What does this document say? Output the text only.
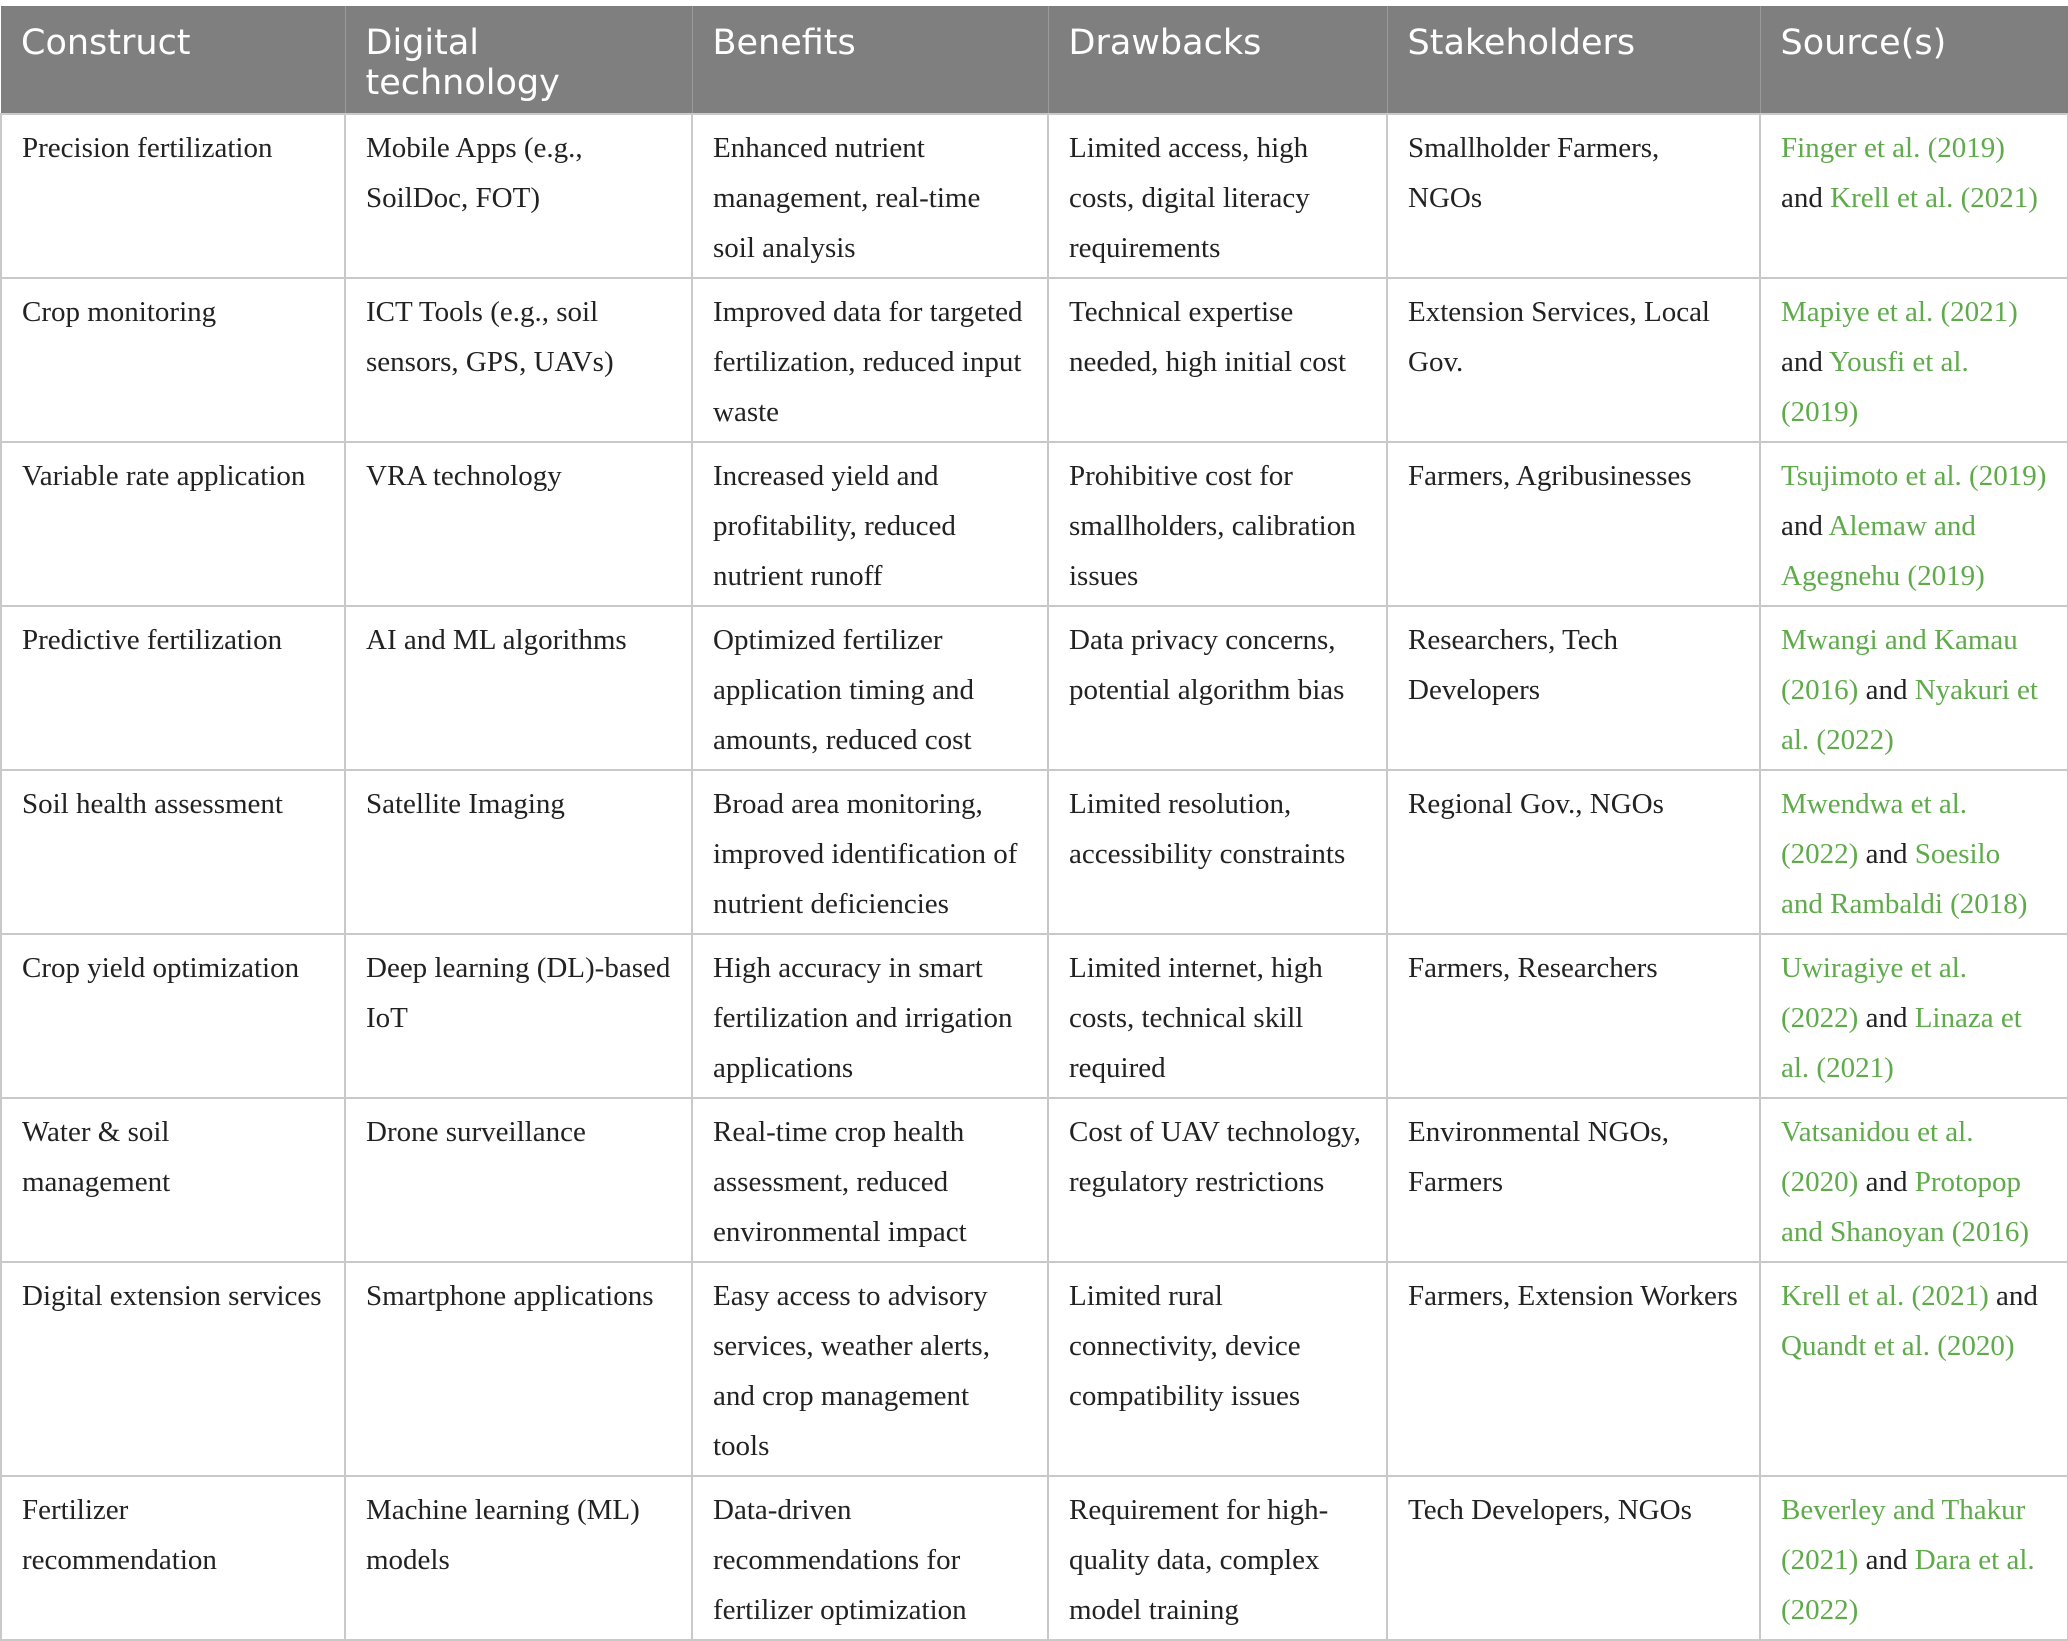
Construct	Digital technology	Benefits	Drawbacks	Stakeholders	Source(s)
Precision fertilization	Mobile Apps (e.g., SoilDoc, FOT)	Enhanced nutrient management, real-time soil analysis	Limited access, high costs, digital literacy requirements	Smallholder Farmers, NGOs	Finger et al. (2019) and Krell et al. (2021)
Crop monitoring	ICT Tools (e.g., soil sensors, GPS, UAVs)	Improved data for targeted fertilization, reduced input waste	Technical expertise needed, high initial cost	Extension Services, Local Gov.	Mapiye et al. (2021) and Yousfi et al. (2019)
Variable rate application	VRA technology	Increased yield and profitability, reduced nutrient runoff	Prohibitive cost for smallholders, calibration issues	Farmers, Agribusinesses	Tsujimoto et al. (2019) and Alemaw and Agegnehu (2019)
Predictive fertilization	AI and ML algorithms	Optimized fertilizer application timing and amounts, reduced cost	Data privacy concerns, potential algorithm bias	Researchers, Tech Developers	Mwangi and Kamau (2016) and Nyakuri et al. (2022)
Soil health assessment	Satellite Imaging	Broad area monitoring, improved identification of nutrient deficiencies	Limited resolution, accessibility constraints	Regional Gov., NGOs	Mwendwa et al. (2022) and Soesilo and Rambaldi (2018)
Crop yield optimization	Deep learning (DL)-based IoT	High accuracy in smart fertilization and irrigation applications	Limited internet, high costs, technical skill required	Farmers, Researchers	Uwiragiye et al. (2022) and Linaza et al. (2021)
Water & soil management	Drone surveillance	Real-time crop health assessment, reduced environmental impact	Cost of UAV technology, regulatory restrictions	Environmental NGOs, Farmers	Vatsanidou et al. (2020) and Protopop and Shanoyan (2016)
Digital extension services	Smartphone applications	Easy access to advisory services, weather alerts, and crop management tools	Limited rural connectivity, device compatibility issues	Farmers, Extension Workers	Krell et al. (2021) and Quandt et al. (2020)
Fertilizer recommendation	Machine learning (ML) models	Data-driven recommendations for fertilizer optimization	Requirement for high-quality data, complex model training	Tech Developers, NGOs	Beverley and Thakur (2021) and Dara et al. (2022)
